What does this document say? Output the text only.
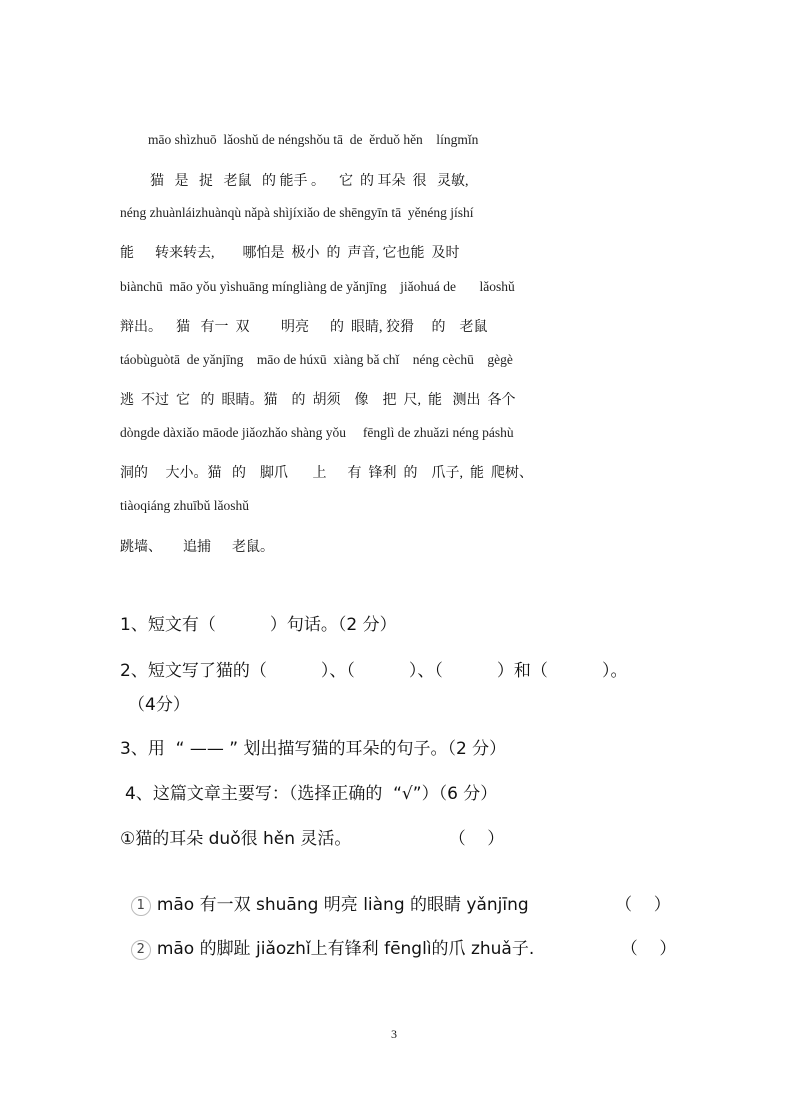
māo shìzhuō  lǎoshǔ de néngshǒu tā  de  ěrduǒ hěn    língmǐn
猫   是   捉   老鼠   的 能手 。    它  的 耳朵  很   灵敏,
néng zhuànláizhuànqù nǎpà shìjíxiǎo de shēngyīn tā  yěnéng jíshí
能      转来转去,        哪怕是  极小  的  声音, 它也能  及时
biànchū  māo yǒu yìshuāng míngliàng de yǎnjīng    jiǎohuá de       lǎoshǔ
辩出。    猫   有一  双         明亮      的  眼睛, 狡猾     的    老鼠
táobùguòtā  de yǎnjīng    māo de húxū  xiàng bǎ chǐ    néng cèchū    gègè
逃  不过  它   的  眼睛。猫    的  胡须    像    把  尺,  能   测出  各个
dòngde dàxiǎo māode jiǎozhǎo shàng yǒu     fēnglì de zhuǎzi néng páshù
洞的     大小。猫   的    脚爪       上      有  锋利  的    爪子,  能  爬树、
tiàoqiáng zhuībǔ lǎoshǔ
跳墙、      追捕      老鼠。
1、短文有（          ）句话。（2 分）
2、短文写了猫的（          ）、（          ）、（          ）和（          ）。
（4分）
3、用  “ —— ” 划出描写猫的耳朵的句子。（2 分）
4、这篇文章主要写：（选择正确的  “√”）（6 分）
①猫的耳朵 duǒ很 hěn 灵活。                  （    ）

1 māo 有一双 shuāng 明亮 liàng 的眼睛 yǎnjīng                （    ）

2 māo 的脚趾 jiǎozhǐ上有锋利 fēnglì的爪 zhuǎ子.                （    ）

3
